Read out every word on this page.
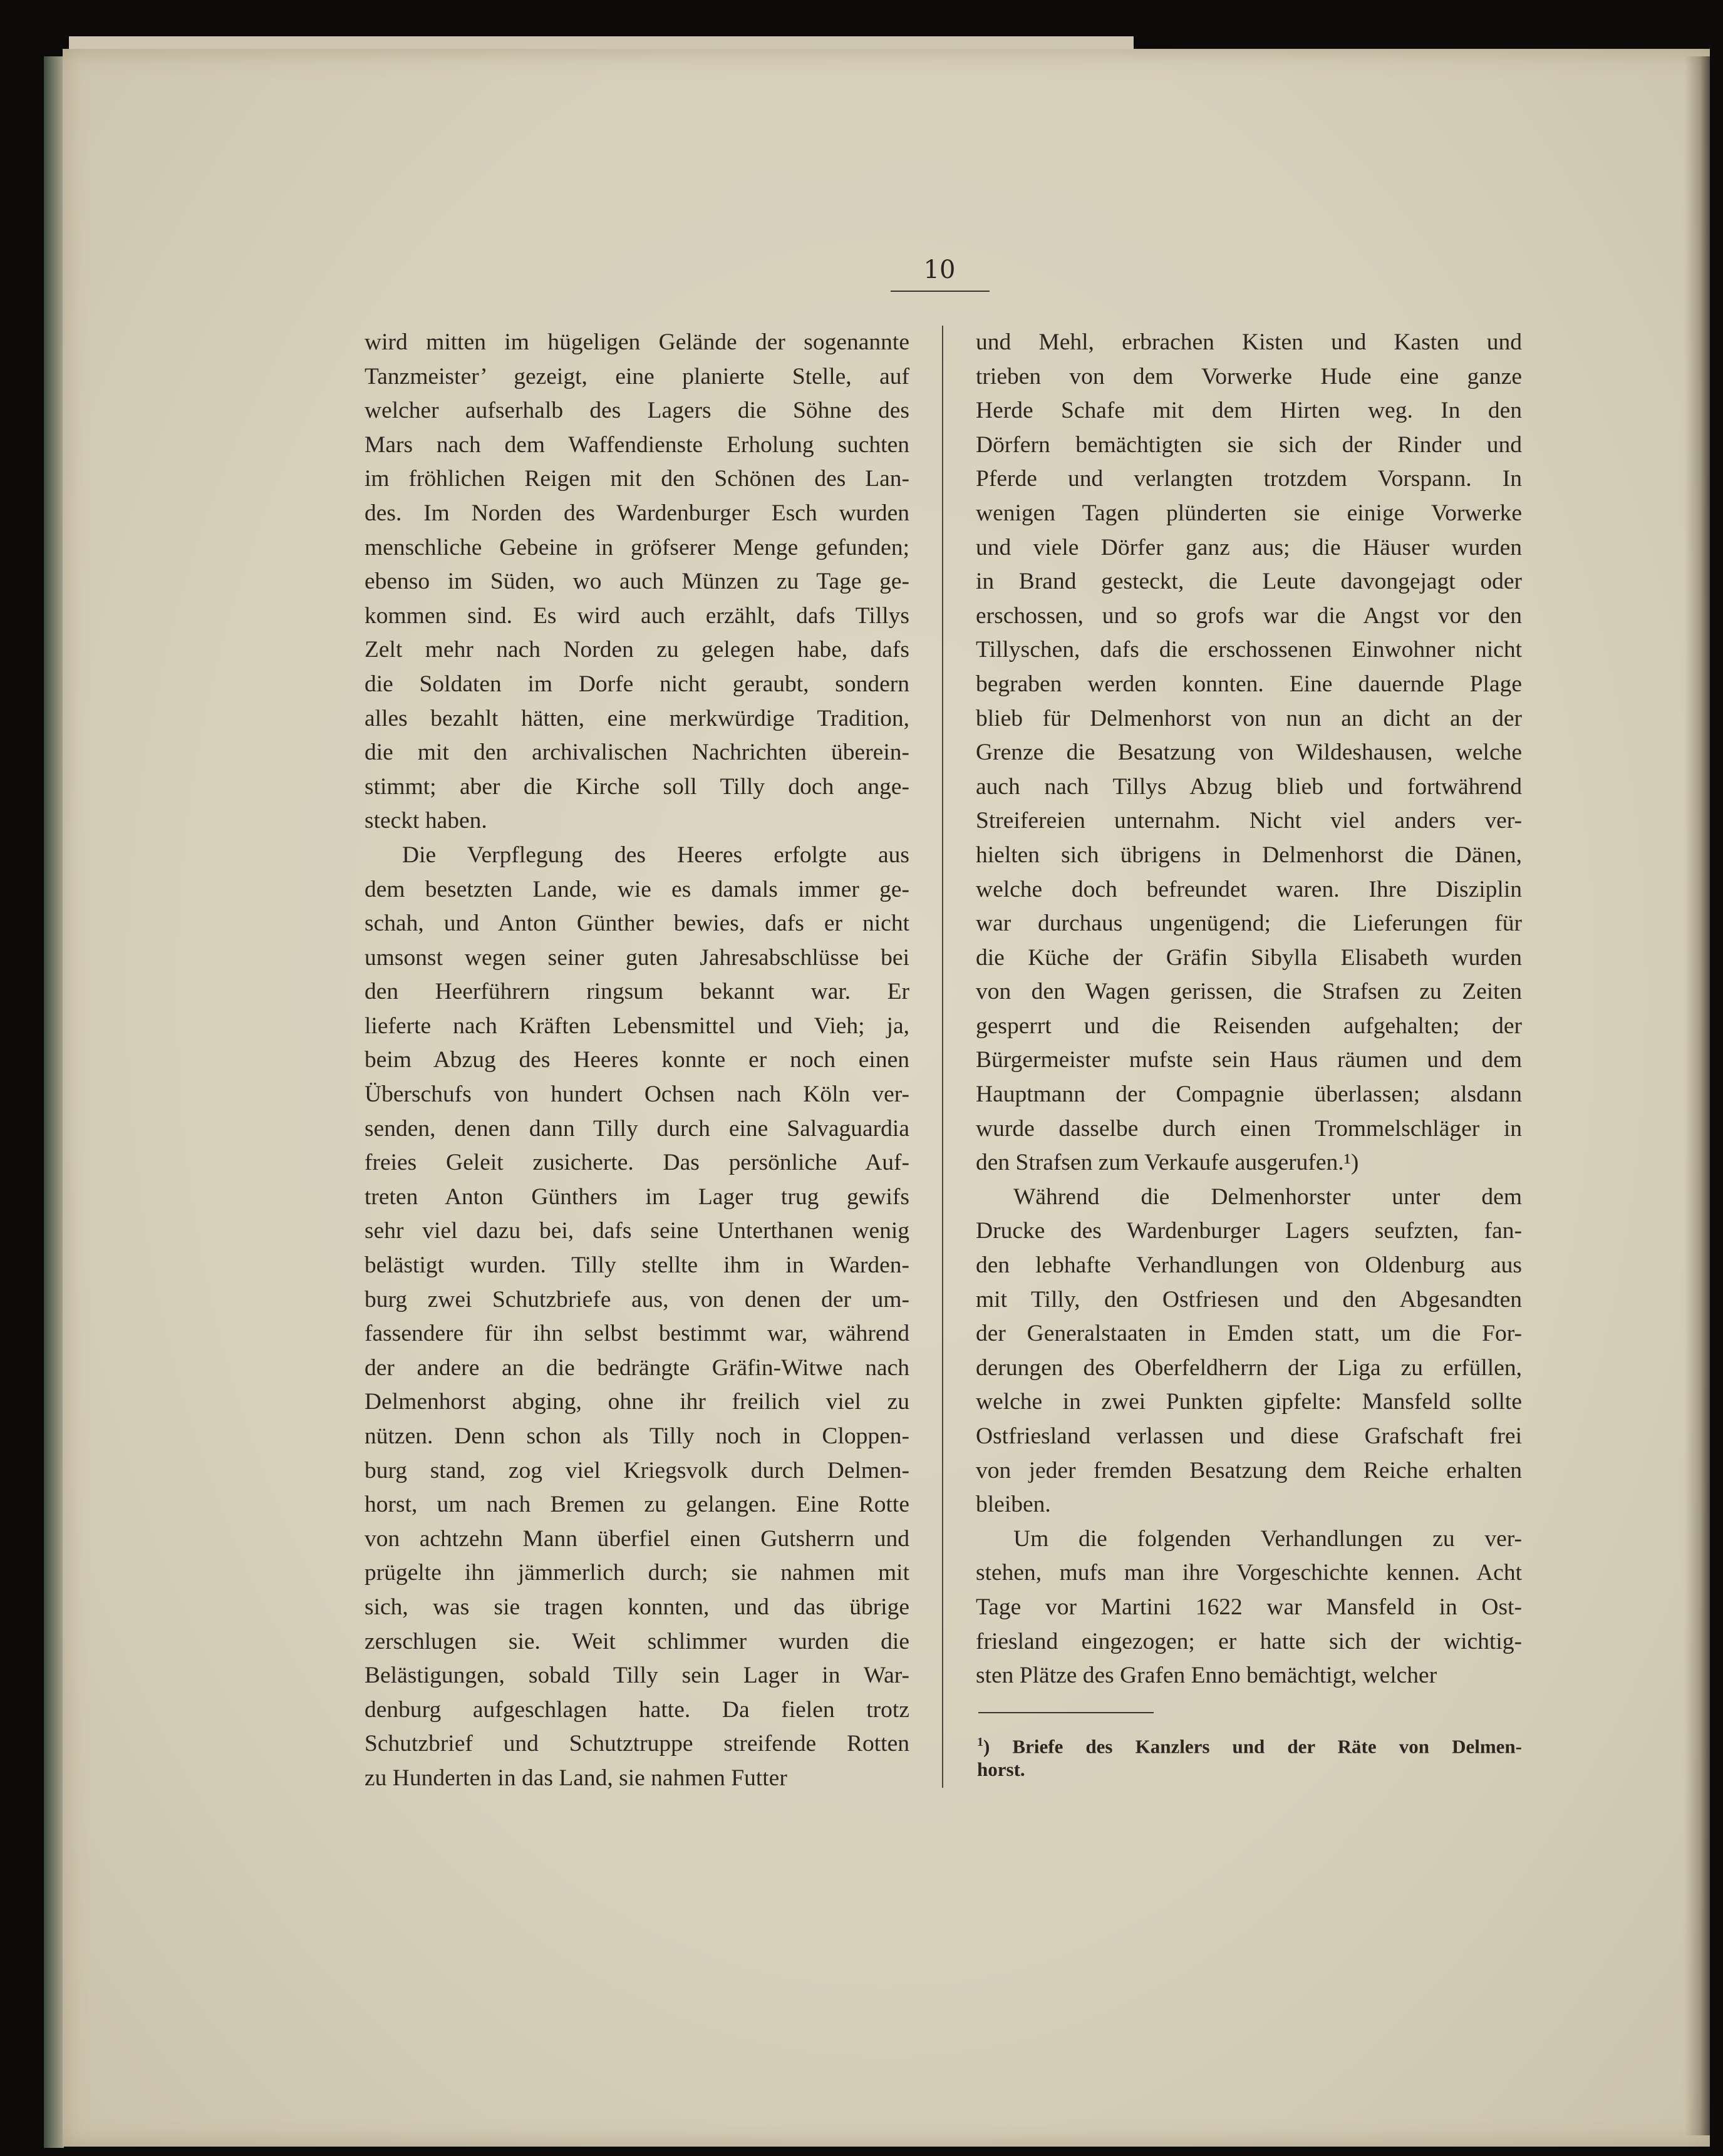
10
wird mitten im hügeligen Gelände der sogenannte
Tanzmeister’ gezeigt, eine planierte Stelle, auf
welcher aufserhalb des Lagers die Söhne des
Mars nach dem Waffendienste Erholung suchten
im fröhlichen Reigen mit den Schönen des Lan-
des. Im Norden des Wardenburger Esch wurden
menschliche Gebeine in gröfserer Menge gefunden;
ebenso im Süden, wo auch Münzen zu Tage ge-
kommen sind. Es wird auch erzählt, dafs Tillys
Zelt mehr nach Norden zu gelegen habe, dafs
die Soldaten im Dorfe nicht geraubt, sondern
alles bezahlt hätten, eine merkwürdige Tradition,
die mit den archivalischen Nachrichten überein-
stimmt; aber die Kirche soll Tilly doch ange-
steckt haben.
Die Verpflegung des Heeres erfolgte aus
dem besetzten Lande, wie es damals immer ge-
schah, und Anton Günther bewies, dafs er nicht
umsonst wegen seiner guten Jahresabschlüsse bei
den Heerführern ringsum bekannt war. Er
lieferte nach Kräften Lebensmittel und Vieh; ja,
beim Abzug des Heeres konnte er noch einen
Überschufs von hundert Ochsen nach Köln ver-
senden, denen dann Tilly durch eine Salvaguardia
freies Geleit zusicherte. Das persönliche Auf-
treten Anton Günthers im Lager trug gewifs
sehr viel dazu bei, dafs seine Unterthanen wenig
belästigt wurden. Tilly stellte ihm in Warden-
burg zwei Schutzbriefe aus, von denen der um-
fassendere für ihn selbst bestimmt war, während
der andere an die bedrängte Gräfin-Witwe nach
Delmenhorst abging, ohne ihr freilich viel zu
nützen. Denn schon als Tilly noch in Cloppen-
burg stand, zog viel Kriegsvolk durch Delmen-
horst, um nach Bremen zu gelangen. Eine Rotte
von achtzehn Mann überfiel einen Gutsherrn und
prügelte ihn jämmerlich durch; sie nahmen mit
sich, was sie tragen konnten, und das übrige
zerschlugen sie. Weit schlimmer wurden die
Belästigungen, sobald Tilly sein Lager in War-
denburg aufgeschlagen hatte. Da fielen trotz
Schutzbrief und Schutztruppe streifende Rotten
zu Hunderten in das Land, sie nahmen Futter
und Mehl, erbrachen Kisten und Kasten und
trieben von dem Vorwerke Hude eine ganze
Herde Schafe mit dem Hirten weg. In den
Dörfern bemächtigten sie sich der Rinder und
Pferde und verlangten trotzdem Vorspann. In
wenigen Tagen plünderten sie einige Vorwerke
und viele Dörfer ganz aus; die Häuser wurden
in Brand gesteckt, die Leute davongejagt oder
erschossen, und so grofs war die Angst vor den
Tillyschen, dafs die erschossenen Einwohner nicht
begraben werden konnten. Eine dauernde Plage
blieb für Delmenhorst von nun an dicht an der
Grenze die Besatzung von Wildeshausen, welche
auch nach Tillys Abzug blieb und fortwährend
Streifereien unternahm. Nicht viel anders ver-
hielten sich übrigens in Delmenhorst die Dänen,
welche doch befreundet waren. Ihre Disziplin
war durchaus ungenügend; die Lieferungen für
die Küche der Gräfin Sibylla Elisabeth wurden
von den Wagen gerissen, die Strafsen zu Zeiten
gesperrt und die Reisenden aufgehalten; der
Bürgermeister mufste sein Haus räumen und dem
Hauptmann der Compagnie überlassen; alsdann
wurde dasselbe durch einen Trommelschläger in
den Strafsen zum Verkaufe ausgerufen.¹)
Während die Delmenhorster unter dem
Drucke des Wardenburger Lagers seufzten, fan-
den lebhafte Verhandlungen von Oldenburg aus
mit Tilly, den Ostfriesen und den Abgesandten
der Generalstaaten in Emden statt, um die For-
derungen des Oberfeldherrn der Liga zu erfüllen,
welche in zwei Punkten gipfelte: Mansfeld sollte
Ostfriesland verlassen und diese Grafschaft frei
von jeder fremden Besatzung dem Reiche erhalten
bleiben.
Um die folgenden Verhandlungen zu ver-
stehen, mufs man ihre Vorgeschichte kennen. Acht
Tage vor Martini 1622 war Mansfeld in Ost-
friesland eingezogen; er hatte sich der wichtig-
sten Plätze des Grafen Enno bemächtigt, welcher
$^1$) Briefe des Kanzlers und der Räte von Delmen-
horst.
